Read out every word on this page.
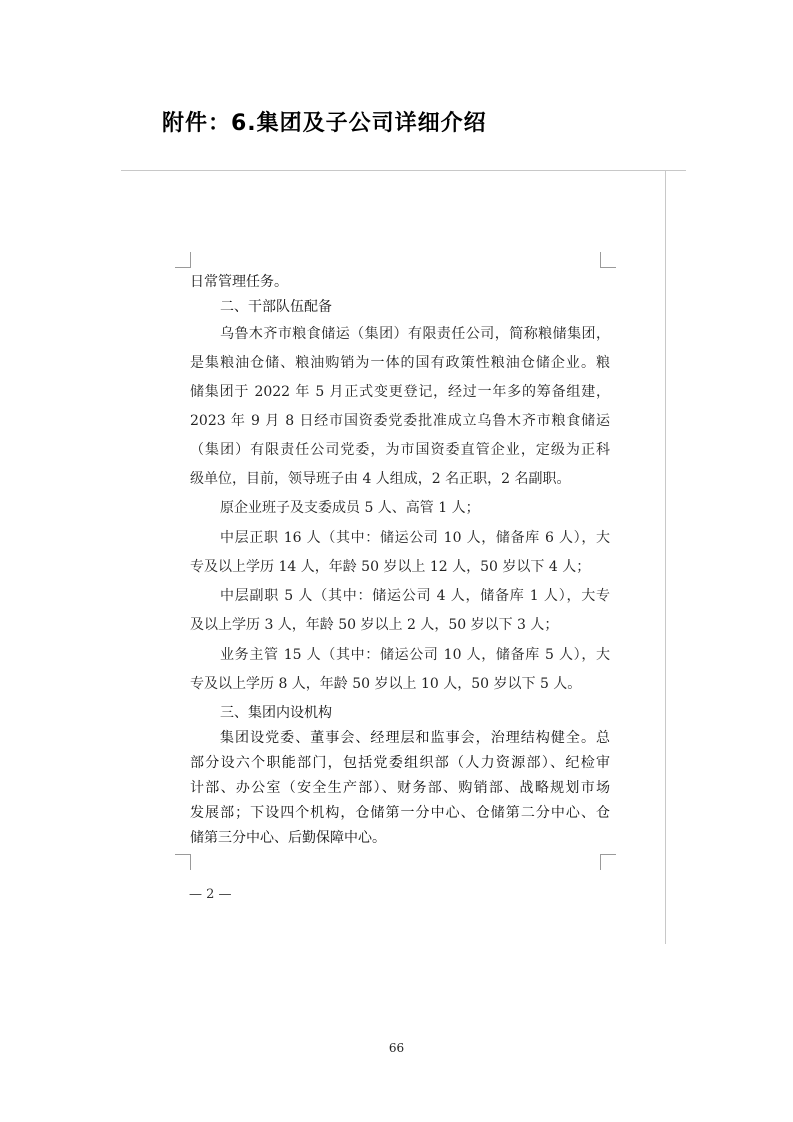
附件：6.集团及子公司详细介绍
日常管理任务。
二、干部队伍配备
乌鲁木齐市粮食储运（集团）有限责任公司，简称粮储集团，
是集粮油仓储、粮油购销为一体的国有政策性粮油仓储企业。粮
储集团于 2022 年 5 月正式变更登记，经过一年多的筹备组建，
2023 年 9 月 8 日经市国资委党委批准成立乌鲁木齐市粮食储运
（集团）有限责任公司党委，为市国资委直管企业，定级为正科
级单位，目前，领导班子由 4 人组成，2 名正职，2 名副职。
原企业班子及支委成员 5 人、高管 1 人；
中层正职 16 人（其中：储运公司 10 人，储备库 6 人），大
专及以上学历 14 人，年龄 50 岁以上 12 人，50 岁以下 4 人；
中层副职 5 人（其中：储运公司 4 人，储备库 1 人），大专
及以上学历 3 人，年龄 50 岁以上 2 人，50 岁以下 3 人；
业务主管 15 人（其中：储运公司 10 人，储备库 5 人），大
专及以上学历 8 人，年龄 50 岁以上 10 人，50 岁以下 5 人。
三、集团内设机构
集团设党委、董事会、经理层和监事会，治理结构健全。总
部分设六个职能部门，包括党委组织部（人力资源部）、纪检审
计部、办公室（安全生产部）、财务部、购销部、战略规划市场
发展部；下设四个机构，仓储第一分中心、仓储第二分中心、仓
储第三分中心、后勤保障中心。
— 2 —
66
